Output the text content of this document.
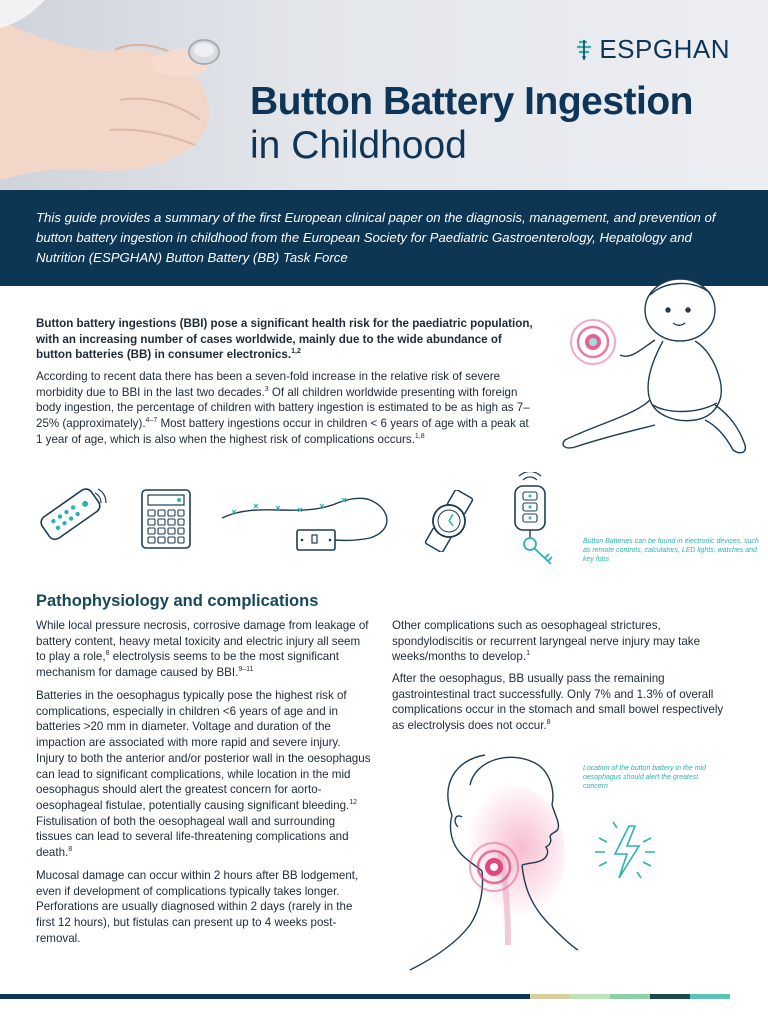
ESPGHAN
Button Battery Ingestion
in Childhood

This guide provides a summary of the first European clinical paper on the diagnosis, management, and prevention of button battery ingestion in childhood from the European Society for Paediatric Gastroenterology, Hepatology and Nutrition (ESPGHAN) Button Battery (BB) Task Force

Button battery ingestions (BBI) pose a significant health risk for the paediatric population, with an increasing number of cases worldwide, mainly due to the wide abundance of button batteries (BB) in consumer electronics.$^{1,2}$

According to recent data there has been a seven-fold increase in the relative risk of severe morbidity due to BBI in the last two decades.$^3$ Of all children worldwide presenting with foreign body ingestion, the percentage of children with battery ingestion is estimated to be as high as 7–25% (approximately).$^{4-7}$ Most battery ingestions occur in children < 6 years of age with a peak at 1 year of age, which is also when the highest risk of complications occurs.$^{1,8}$

Button Batteries can be found in electronic devices, such as remote controls, calculators, LED lights, watches and key fobs

Pathophysiology and complications

While local pressure necrosis, corrosive damage from leakage of battery content, heavy metal toxicity and electric injury all seem to play a role,$^8$ electrolysis seems to be the most significant mechanism for damage caused by BBI.$^{9-11}$

Batteries in the oesophagus typically pose the highest risk of complications, especially in children <6 years of age and in batteries >20 mm in diameter. Voltage and duration of the impaction are associated with more rapid and severe injury. Injury to both the anterior and/or posterior wall in the oesophagus can lead to significant complications, while location in the mid oesophagus should alert the greatest concern for aorto-oesophageal fistulae, potentially causing significant bleeding.$^{12}$ Fistulisation of both the oesophageal wall and surrounding tissues can lead to several life-threatening complications and death.$^8$

Mucosal damage can occur within 2 hours after BB lodgement, even if development of complications typically takes longer. Perforations are usually diagnosed within 2 days (rarely in the first 12 hours), but fistulas can present up to 4 weeks post-removal.

Other complications such as oesophageal strictures, spondylodiscitis or recurrent laryngeal nerve injury may take weeks/months to develop.$^1$

After the oesophagus, BB usually pass the remaining gastrointestinal tract successfully. Only 7% and 1.3% of overall complications occur in the stomach and small bowel respectively as electrolysis does not occur.$^8$

Location of the button battery in the mid oesophagus should alert the greatest concern
